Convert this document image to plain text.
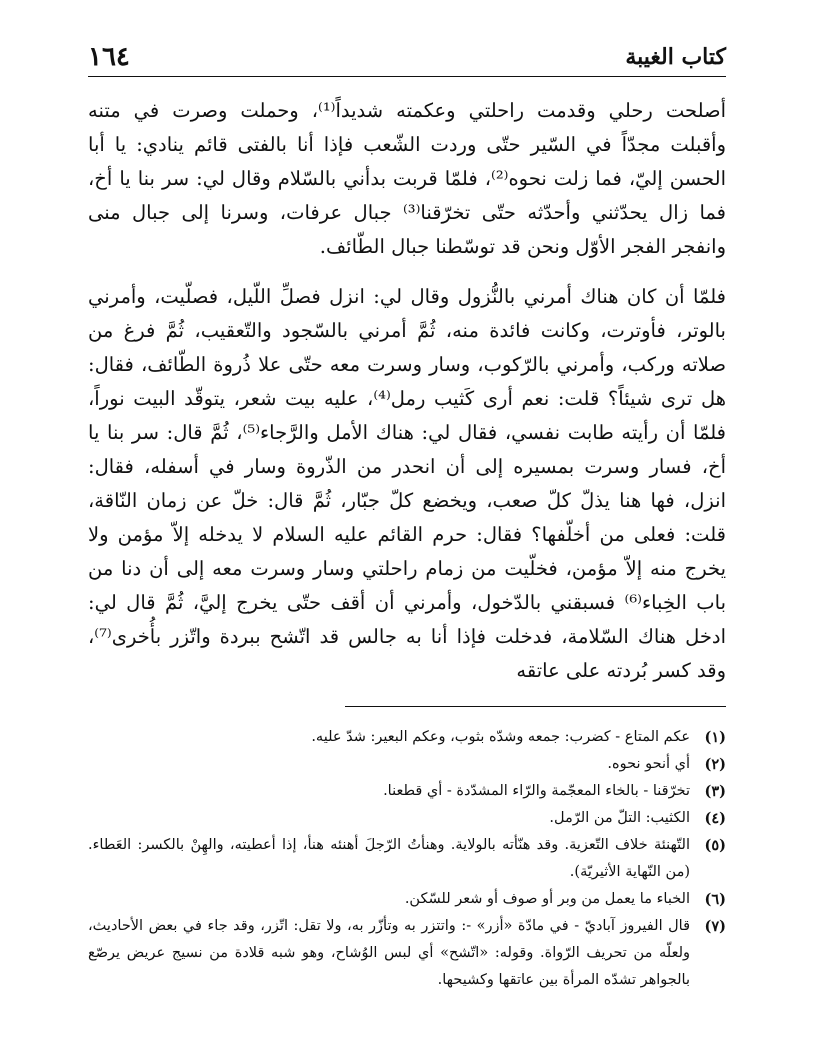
كتاب الغيبة
١٦٤

أصلحت رحلي وقدمت راحلتي وعكمته شديداً⁽¹⁾، وحملت وصرت في متنه وأقبلت مجدّاً في السّير حتّى وردت الشّعب فإذا أنا بالفتى قائم ينادي: يا أبا الحسن إليّ، فما زلت نحوه⁽²⁾، فلمّا قربت بدأني بالسّلام وقال لي: سر بنا يا أخ، فما زال يحدّثني وأحدّثه حتّى تخرّقنا⁽³⁾ جبال عرفات، وسرنا إلى جبال منى وانفجر الفجر الأوّل ونحن قد توسّطنا جبال الطّائف.

فلمّا أن كان هناك أمرني بالنُّزول وقال لي: انزل فصلِّ اللّيل، فصلّيت، وأمرني بالوتر، فأوترت، وكانت فائدة منه، ثُمَّ أمرني بالسّجود والتّعقيب، ثُمَّ فرغ من صلاته وركب، وأمرني بالرّكوب، وسار وسرت معه حتّى علا ذُروة الطّائف، فقال: هل ترى شيئاً؟ قلت: نعم أرى كَثيب رمل⁽⁴⁾، عليه بيت شعر، يتوقّد البيت نوراً، فلمّا أن رأيته طابت نفسي، فقال لي: هناك الأمل والرَّجاء⁽⁵⁾، ثُمَّ قال: سر بنا يا أخ، فسار وسرت بمسيره إلى أن انحدر من الذّروة وسار في أسفله، فقال: انزل، فها هنا يذلّ كلّ صعب، ويخضع كلّ جبّار، ثُمَّ قال: خلّ عن زمان النّاقة، قلت: فعلى من أخلّفها؟ فقال: حرم القائم عليه السلام لا يدخله إلاّ مؤمن ولا يخرج منه إلاّ مؤمن، فخلّيت من زمام راحلتي وسار وسرت معه إلى أن دنا من باب الخِباء⁽⁶⁾ فسبقني بالدّخول، وأمرني أن أقف حتّى يخرج إليَّ، ثُمَّ قال لي: ادخل هناك السّلامة، فدخلت فإذا أنا به جالس قد اتّشح ببردة واتّزر بأُخرى⁽⁷⁾، وقد كسر بُردته على عاتقه

(١)
عكم المتاع - كضرب: جمعه وشدّه بثوب، وعكم البعير: شدّ عليه.
(٢)
أي أنحو نحوه.
(٣)
تخرّقنا - بالخاء المعجّمة والرّاء المشدّدة - أي قطعنا.
(٤)
الكثيب: التلّ من الرّمل.
(٥)
التّهنئة خلاف التّعزية. وقد هنّأته بالولاية. وهنأتُ الرّجلَ أهنئه هنأ، إذا أعطيته، والهِنْ بالكسر: العَطاء. (من النّهاية الأثيريّة).
(٦)
الخباء ما يعمل من وبر أو صوف أو شعر للسّكن.
(٧)
قال الفيروز آباديّ - في مادّة «أزر» -: واتتزر به وتأزّر به، ولا تقل: اتّزر، وقد جاء في بعض الأحاديث، ولعلّه من تحريف الرّواة. وقوله: «اتّشح» أي لبس الوُشاح، وهو شبه قلادة من نسيج عريض يرصّع بالجواهر تشدّه المرأة بين عاتقها وكشيحها.
